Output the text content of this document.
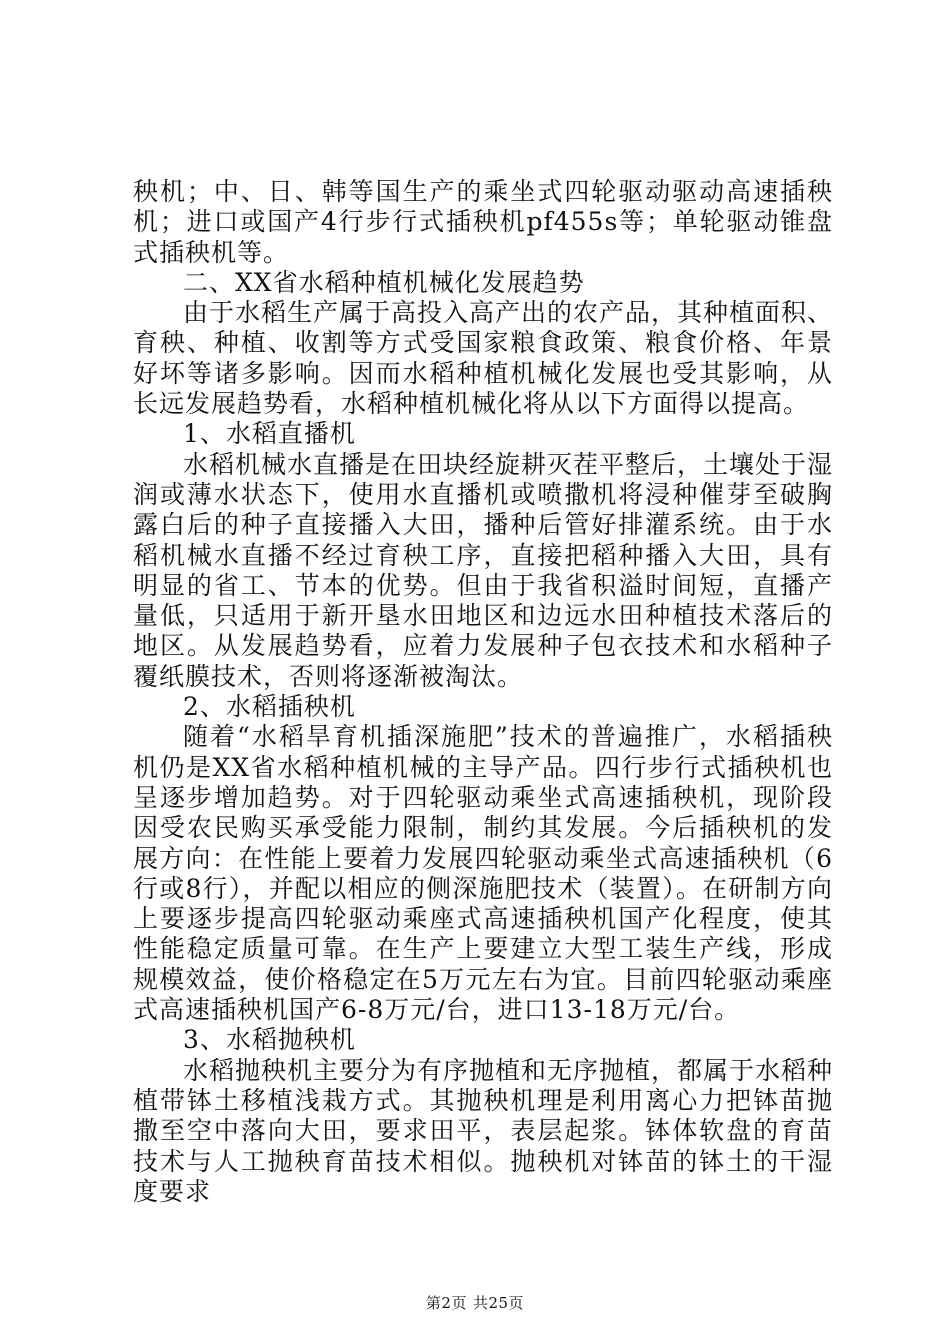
秧机；中、日、韩等国生产的乘坐式四轮驱动驱动高速插秧机；进口或国产4行步行式插秧机pf455s等；单轮驱动锥盘式插秧机等。

二、XX省水稻种植机械化发展趋势

由于水稻生产属于高投入高产出的农产品，其种植面积、育秧、种植、收割等方式受国家粮食政策、粮食价格、年景好坏等诸多影响。因而水稻种植机械化发展也受其影响，从长远发展趋势看，水稻种植机械化将从以下方面得以提高。

1、水稻直播机

水稻机械水直播是在田块经旋耕灭茬平整后，土壤处于湿润或薄水状态下，使用水直播机或喷撒机将浸种催芽至破胸露白后的种子直接播入大田，播种后管好排灌系统。由于水稻机械水直播不经过育秧工序，直接把稻种播入大田，具有明显的省工、节本的优势。但由于我省积溢时间短，直播产量低，只适用于新开垦水田地区和边远水田种植技术落后的地区。从发展趋势看，应着力发展种子包衣技术和水稻种子覆纸膜技术，否则将逐渐被淘汰。

2、水稻插秧机

随着“水稻旱育机插深施肥”技术的普遍推广，水稻插秧机仍是XX省水稻种植机械的主导产品。四行步行式插秧机也呈逐步增加趋势。对于四轮驱动乘坐式高速插秧机，现阶段因受农民购买承受能力限制，制约其发展。今后插秧机的发展方向：在性能上要着力发展四轮驱动乘坐式高速插秧机（6行或8行），并配以相应的侧深施肥技术（装置）。在研制方向上要逐步提高四轮驱动乘座式高速插秧机国产化程度，使其性能稳定质量可靠。在生产上要建立大型工装生产线，形成规模效益，使价格稳定在5万元左右为宜。目前四轮驱动乘座式高速插秧机国产6-8万元/台，进口13-18万元/台。

3、水稻抛秧机

水稻抛秧机主要分为有序抛植和无序抛植，都属于水稻种植带钵土移植浅栽方式。其抛秧机理是利用离心力把钵苗抛撒至空中落向大田，要求田平，表层起浆。钵体软盘的育苗技术与人工抛秧育苗技术相似。抛秧机对钵苗的钵土的干湿度要求

第2页 共25页
